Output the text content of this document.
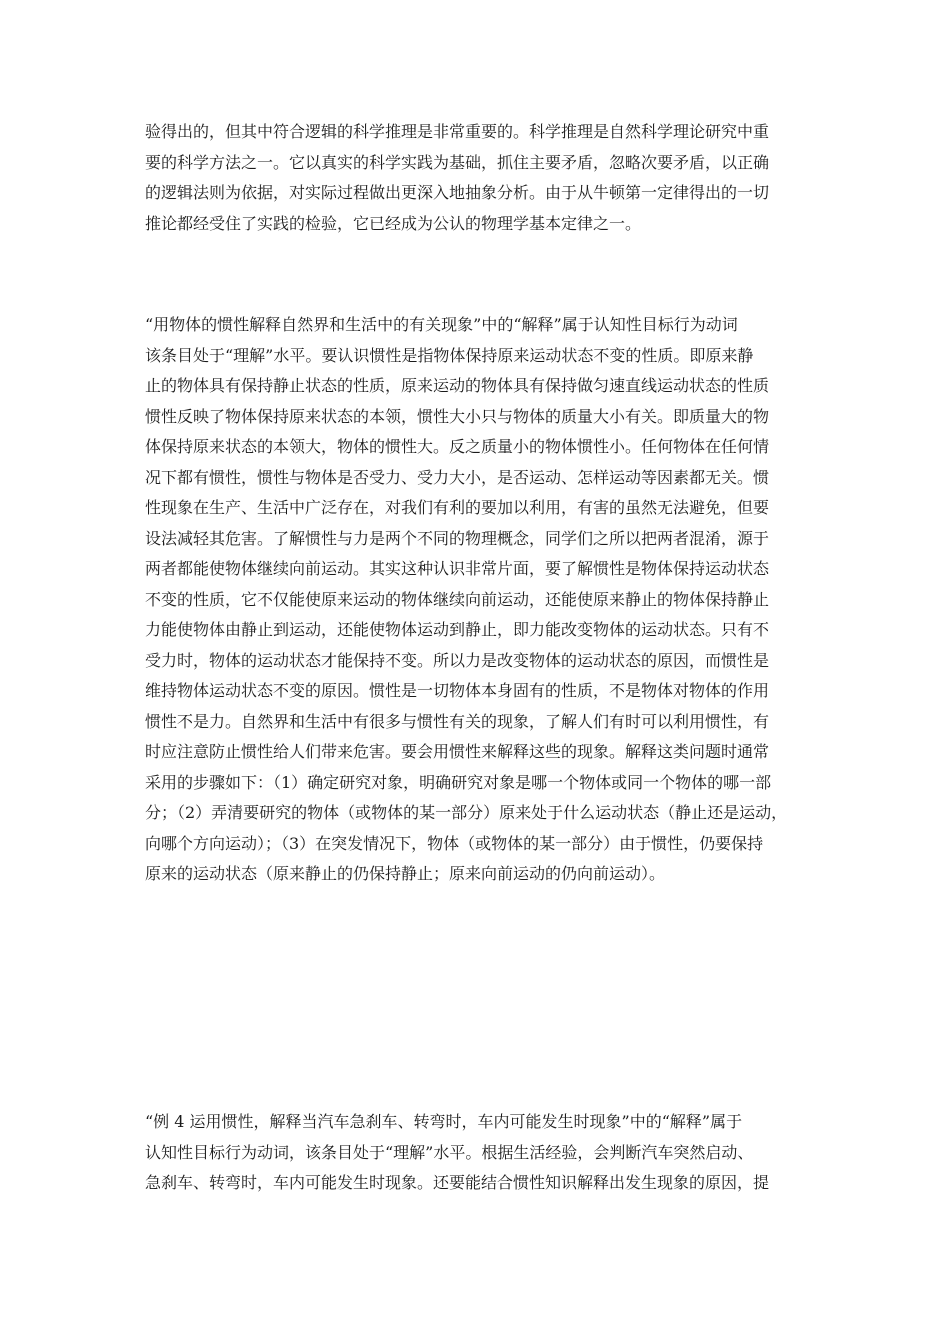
验得出的，但其中符合逻辑的科学推理是非常重要的。科学推理是自然科学理论研究中重
要的科学方法之一。它以真实的科学实践为基础，抓住主要矛盾，忽略次要矛盾，以正确
的逻辑法则为依据，对实际过程做出更深入地抽象分析。由于从牛顿第一定律得出的一切
推论都经受住了实践的检验，它已经成为公认的物理学基本定律之一。
“用物体的惯性解释自然界和生活中的有关现象”中的“解释”属于认知性目标行为动词
该条目处于“理解”水平。要认识惯性是指物体保持原来运动状态不变的性质。即原来静
止的物体具有保持静止状态的性质，原来运动的物体具有保持做匀速直线运动状态的性质
惯性反映了物体保持原来状态的本领，惯性大小只与物体的质量大小有关。即质量大的物
体保持原来状态的本领大，物体的惯性大。反之质量小的物体惯性小。任何物体在任何情
况下都有惯性，惯性与物体是否受力、受力大小，是否运动、怎样运动等因素都无关。惯
性现象在生产、生活中广泛存在，对我们有利的要加以利用，有害的虽然无法避免，但要
设法减轻其危害。了解惯性与力是两个不同的物理概念，同学们之所以把两者混淆，源于
两者都能使物体继续向前运动。其实这种认识非常片面，要了解惯性是物体保持运动状态
不变的性质，它不仅能使原来运动的物体继续向前运动，还能使原来静止的物体保持静止
力能使物体由静止到运动，还能使物体运动到静止，即力能改变物体的运动状态。只有不
受力时，物体的运动状态才能保持不变。所以力是改变物体的运动状态的原因，而惯性是
维持物体运动状态不变的原因。惯性是一切物体本身固有的性质，不是物体对物体的作用
惯性不是力。自然界和生活中有很多与惯性有关的现象，了解人们有时可以利用惯性，有
时应注意防止惯性给人们带来危害。要会用惯性来解释这些的现象。解释这类问题时通常
采用的步骤如下：（1）确定研究对象，明确研究对象是哪一个物体或同一个物体的哪一部
分；（2）弄清要研究的物体（或物体的某一部分）原来处于什么运动状态（静止还是运动，
向哪个方向运动）；（3）在突发情况下，物体（或物体的某一部分）由于惯性，仍要保持
原来的运动状态（原来静止的仍保持静止；原来向前运动的仍向前运动）。
“例 4 运用惯性，解释当汽车急刹车、转弯时，车内可能发生时现象”中的“解释”属于
认知性目标行为动词，该条目处于“理解”水平。根据生活经验，会判断汽车突然启动、
急刹车、转弯时，车内可能发生时现象。还要能结合惯性知识解释出发生现象的原因，提
